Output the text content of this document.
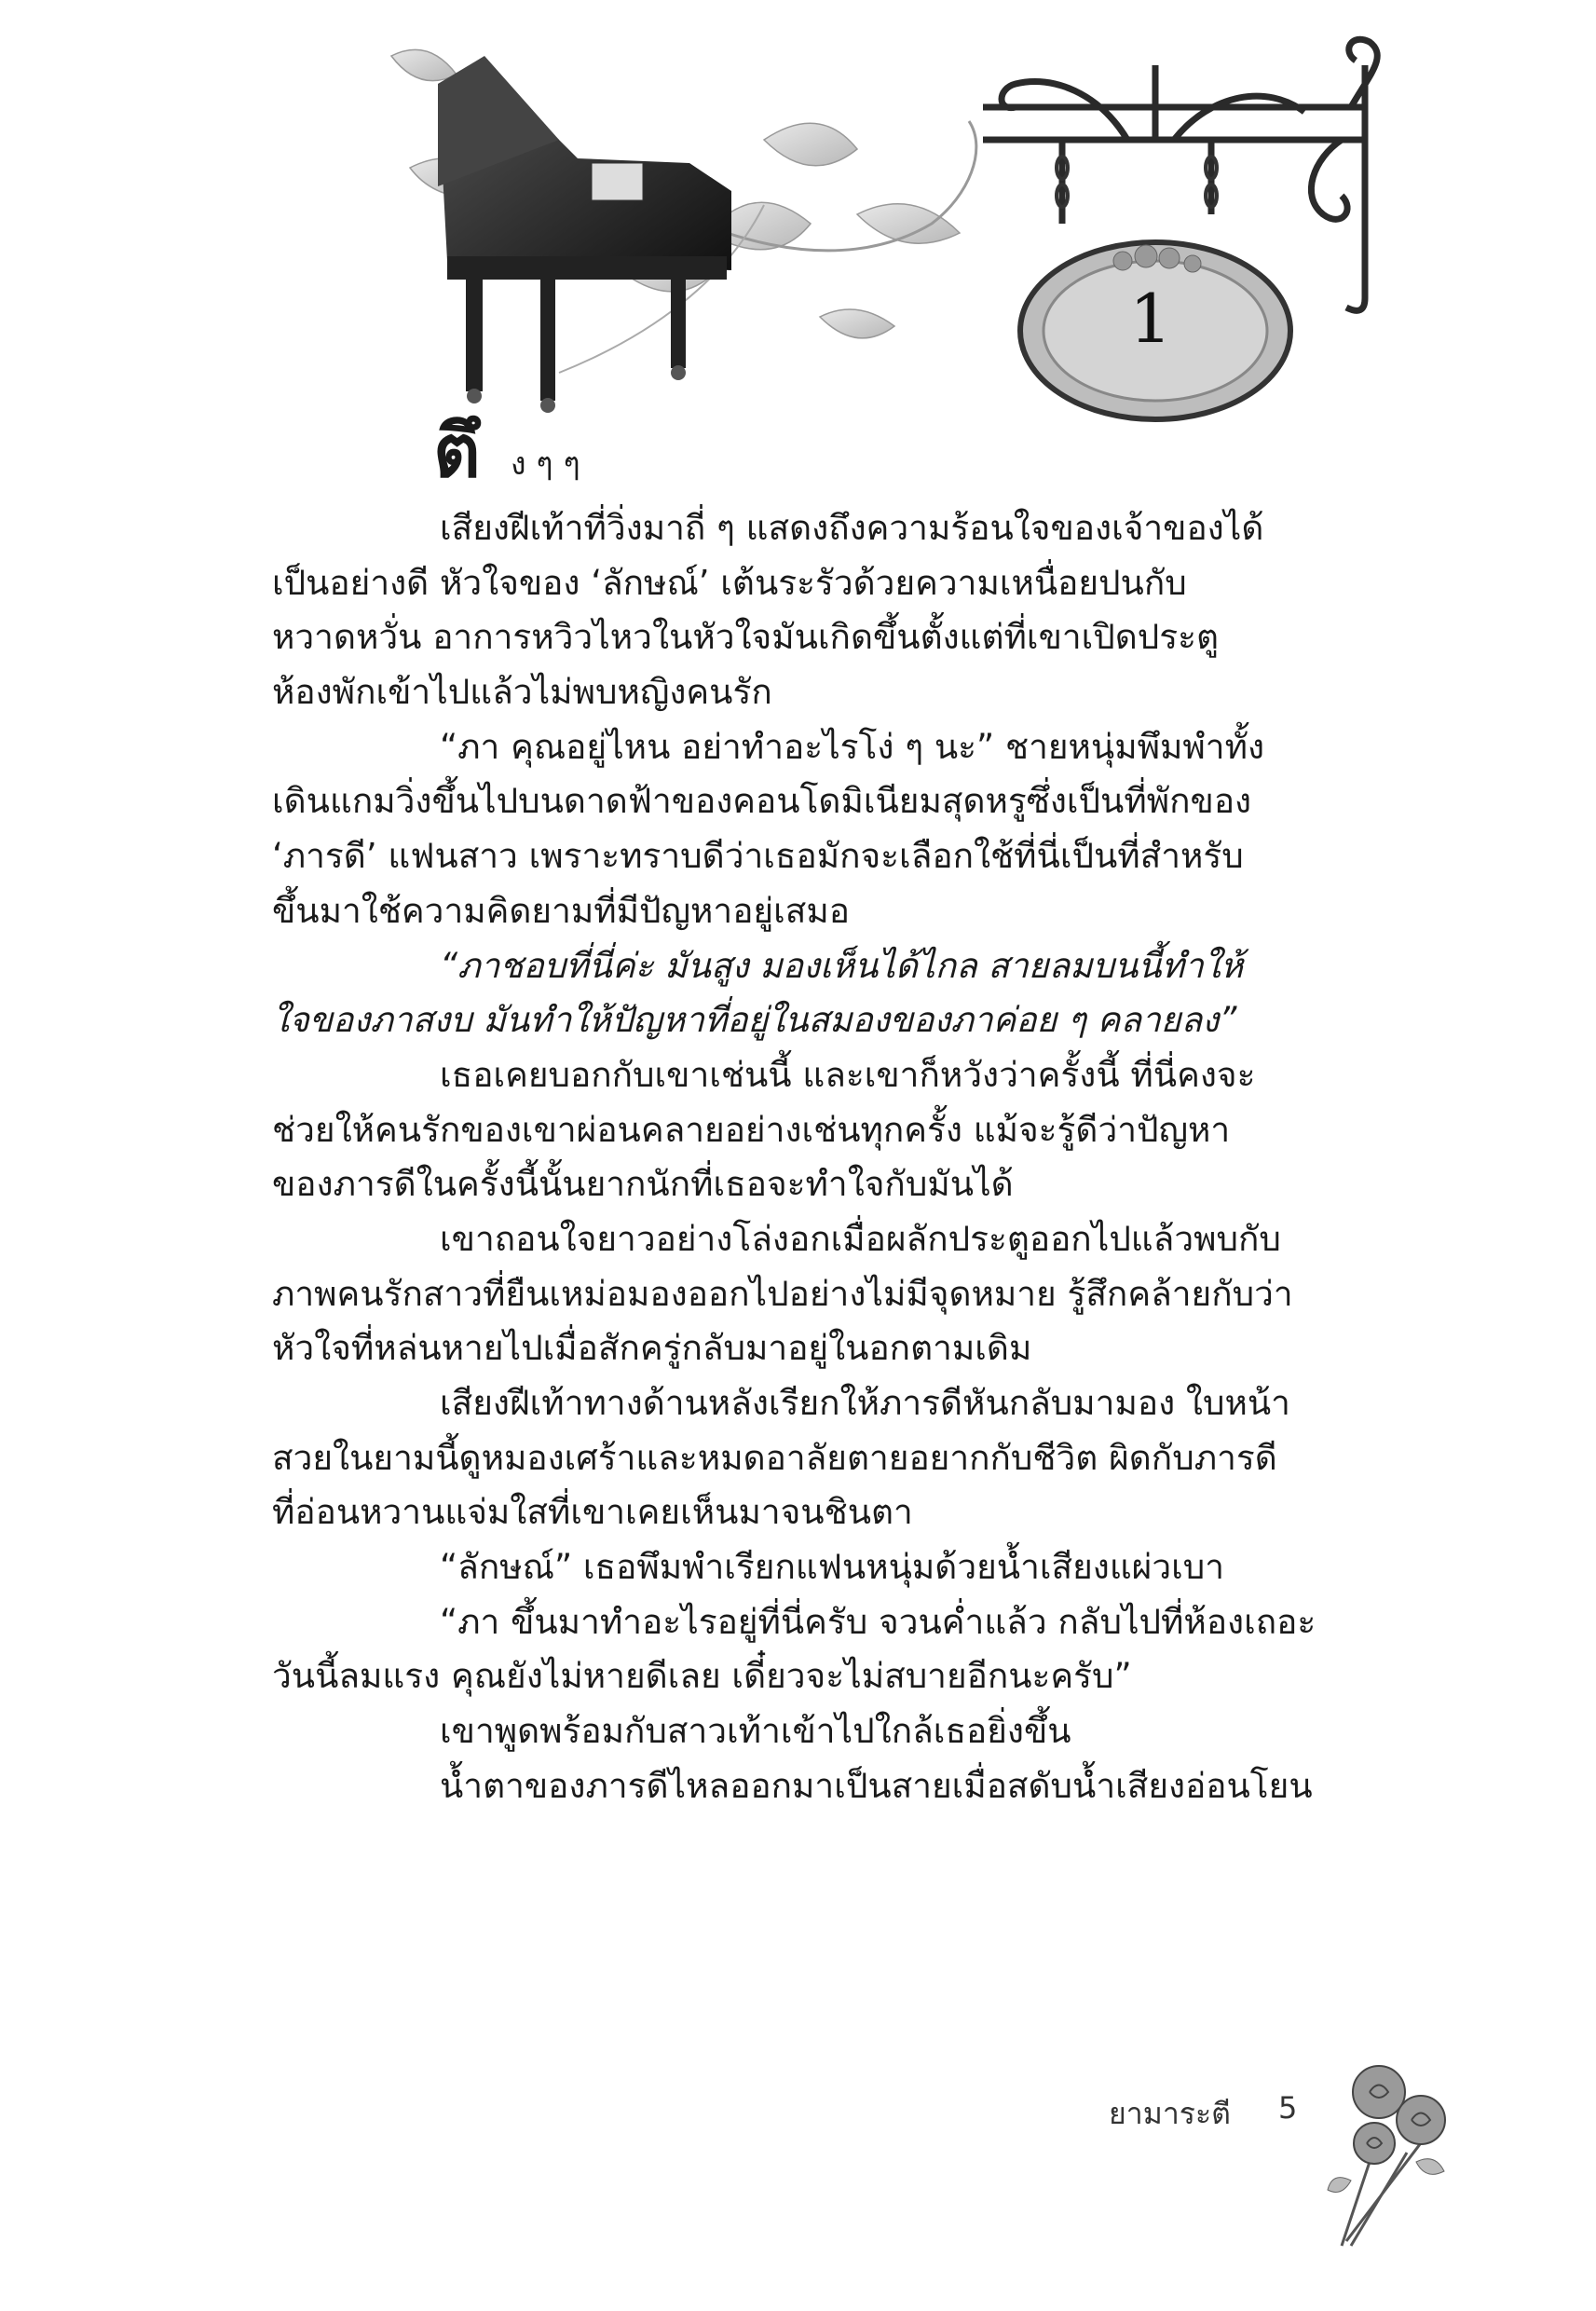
1
ตึ ง ๆ ๆ
เสียงฝีเท้าที่วิ่งมาถี่ ๆ แสดงถึงความร้อนใจของเจ้าของได้
เป็นอย่างดี หัวใจของ ‘ลักษณ์’ เต้นระรัวด้วยความเหนื่อยปนกับ
หวาดหวั่น อาการหวิวไหวในหัวใจมันเกิดขึ้นตั้งแต่ที่เขาเปิดประตู
ห้องพักเข้าไปแล้วไม่พบหญิงคนรัก
“ภา คุณอยู่ไหน อย่าทำอะไรโง่ ๆ นะ” ชายหนุ่มพึมพำทั้ง
เดินแกมวิ่งขึ้นไปบนดาดฟ้าของคอนโดมิเนียมสุดหรูซึ่งเป็นที่พักของ
‘ภารดี’ แฟนสาว เพราะทราบดีว่าเธอมักจะเลือกใช้ที่นี่เป็นที่สำหรับ
ขึ้นมาใช้ความคิดยามที่มีปัญหาอยู่เสมอ
“ภาชอบที่นี่ค่ะ มันสูง มองเห็นได้ไกล สายลมบนนี้ทำให้
ใจของภาสงบ มันทำให้ปัญหาที่อยู่ในสมองของภาค่อย ๆ คลายลง”
เธอเคยบอกกับเขาเช่นนี้ และเขาก็หวังว่าครั้งนี้ ที่นี่คงจะ
ช่วยให้คนรักของเขาผ่อนคลายอย่างเช่นทุกครั้ง แม้จะรู้ดีว่าปัญหา
ของภารดีในครั้งนี้นั้นยากนักที่เธอจะทำใจกับมันได้
เขาถอนใจยาวอย่างโล่งอกเมื่อผลักประตูออกไปแล้วพบกับ
ภาพคนรักสาวที่ยืนเหม่อมองออกไปอย่างไม่มีจุดหมาย รู้สึกคล้ายกับว่า
หัวใจที่หล่นหายไปเมื่อสักครู่กลับมาอยู่ในอกตามเดิม
เสียงฝีเท้าทางด้านหลังเรียกให้ภารดีหันกลับมามอง ใบหน้า
สวยในยามนี้ดูหมองเศร้าและหมดอาลัยตายอยากกับชีวิต ผิดกับภารดี
ที่อ่อนหวานแจ่มใสที่เขาเคยเห็นมาจนชินตา
“ลักษณ์” เธอพึมพำเรียกแฟนหนุ่มด้วยน้ำเสียงแผ่วเบา
“ภา ขึ้นมาทำอะไรอยู่ที่นี่ครับ จวนค่ำแล้ว กลับไปที่ห้องเถอะ
วันนี้ลมแรง คุณยังไม่หายดีเลย เดี๋ยวจะไม่สบายอีกนะครับ”
เขาพูดพร้อมกับสาวเท้าเข้าไปใกล้เธอยิ่งขึ้น
น้ำตาของภารดีไหลออกมาเป็นสายเมื่อสดับน้ำเสียงอ่อนโยน
ยามาระตี 5
